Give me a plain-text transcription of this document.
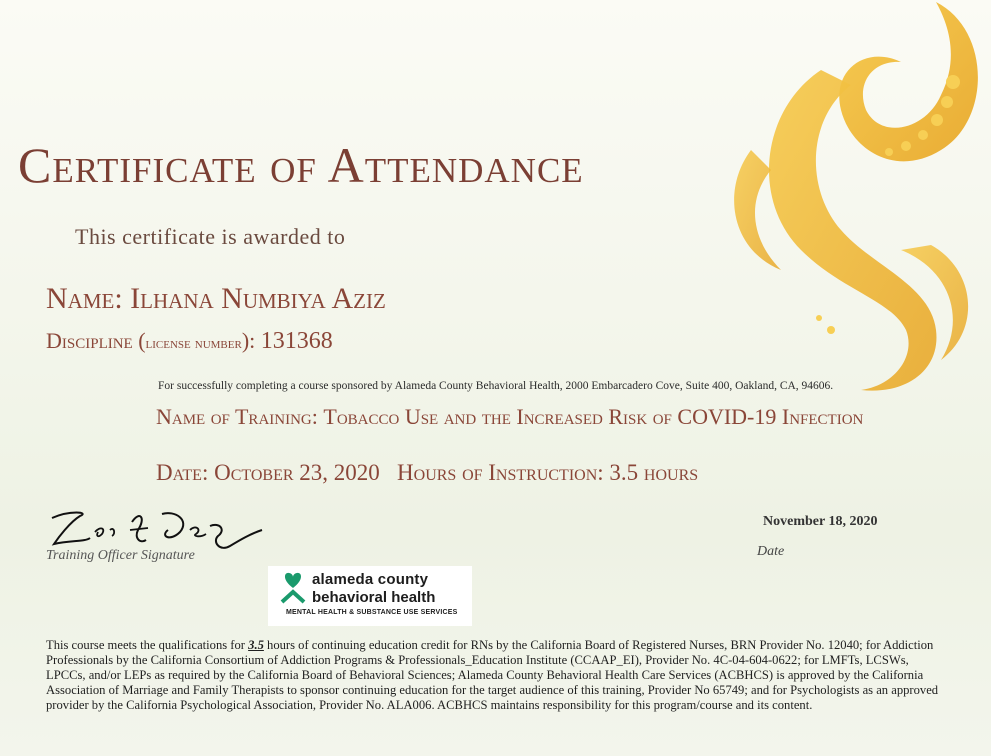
Certificate of Attendance
This certificate is awarded to
Name: Ilhana Numbiya Aziz
Discipline (license number): 131368
For successfully completing a course sponsored by Alameda County Behavioral Health, 2000 Embarcadero Cove, Suite 400, Oakland, CA, 94606.
Name of Training: Tobacco Use and the Increased Risk of COVID-19 Infection
Date: October 23, 2020 Hours of Instruction: 3.5 hours
Training Officer Signature
November 18, 2020
Date
alameda county
behavioral health
MENTAL HEALTH & SUBSTANCE USE SERVICES

This course meets the qualifications for 3.5 hours of continuing education credit for RNs by the California Board of Registered Nurses, BRN Provider No. 12040; for Addiction Professionals by the California Consortium of Addiction Programs & Professionals_Education Institute (CCAAP_EI), Provider No. 4C-04-604-0622; for LMFTs, LCSWs, LPCCs, and/or LEPs as required by the California Board of Behavioral Sciences; Alameda County Behavioral Health Care Services (ACBHCS) is approved by the California Association of Marriage and Family Therapists to sponsor continuing education for the target audience of this training, Provider No 65749; and for Psychologists as an approved provider by the California Psychological Association, Provider No. ALA006. ACBHCS maintains responsibility for this program/course and its content.
